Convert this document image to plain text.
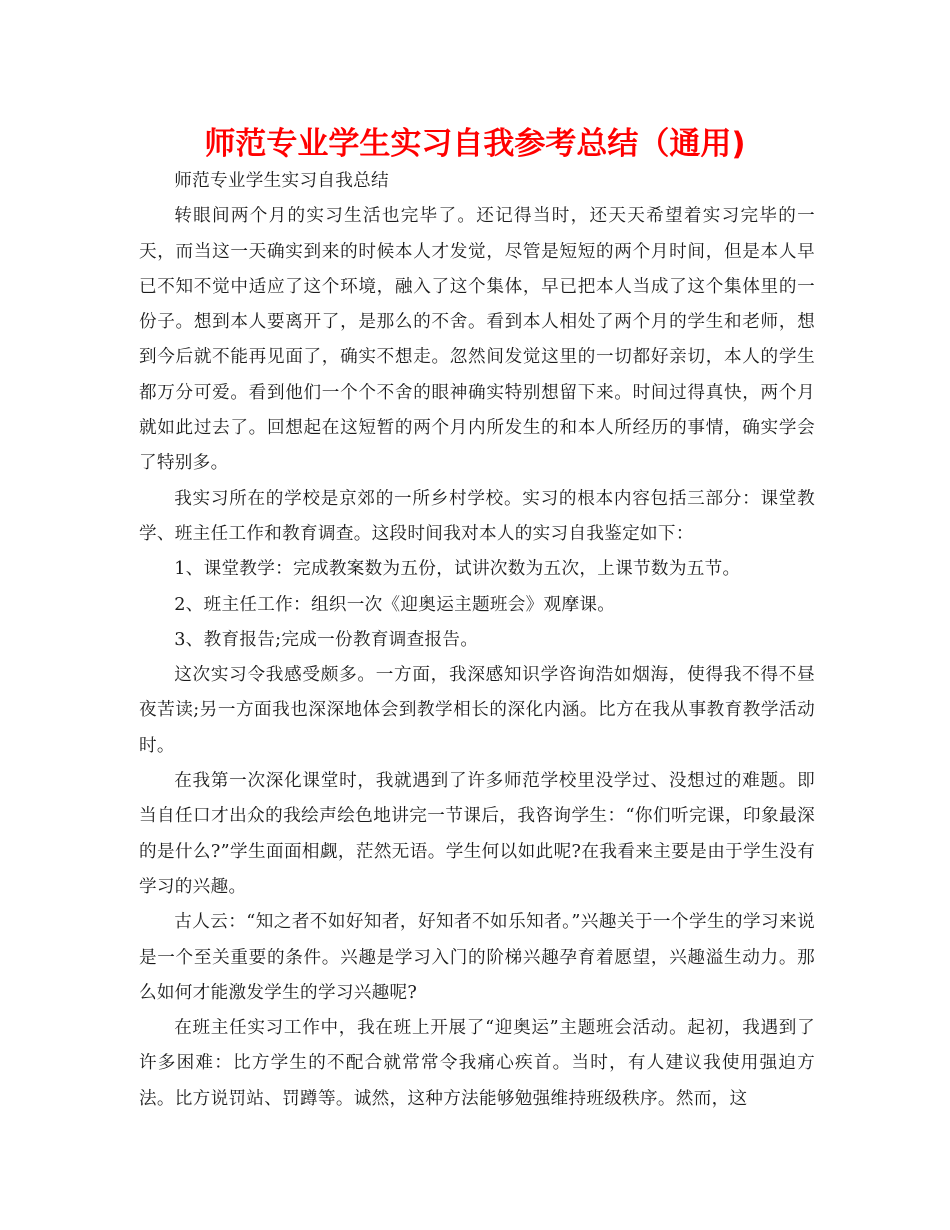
师范专业学生实习自我参考总结（通用)

师范专业学生实习自我总结

转眼间两个月的实习生活也完毕了。还记得当时，还天天希望着实习完毕的一天，而当这一天确实到来的时候本人才发觉，尽管是短短的两个月时间，但是本人早已不知不觉中适应了这个环境，融入了这个集体，早已把本人当成了这个集体里的一份子。想到本人要离开了，是那么的不舍。看到本人相处了两个月的学生和老师，想到今后就不能再见面了，确实不想走。忽然间发觉这里的一切都好亲切，本人的学生都万分可爱。看到他们一个个不舍的眼神确实特别想留下来。时间过得真快，两个月就如此过去了。回想起在这短暂的两个月内所发生的和本人所经历的事情，确实学会了特别多。

我实习所在的学校是京郊的一所乡村学校。实习的根本内容包括三部分：课堂教学、班主任工作和教育调查。这段时间我对本人的实习自我鉴定如下：

1、课堂教学：完成教案数为五份，试讲次数为五次，上课节数为五节。

2、班主任工作：组织一次《迎奥运主题班会》观摩课。

3、教育报告;完成一份教育调查报告。

这次实习令我感受颇多。一方面，我深感知识学咨询浩如烟海，使得我不得不昼夜苦读;另一方面我也深深地体会到教学相长的深化内涵。比方在我从事教育教学活动时。

在我第一次深化课堂时，我就遇到了许多师范学校里没学过、没想过的难题。即当自任口才出众的我绘声绘色地讲完一节课后，我咨询学生：“你们听完课，印象最深的是什么?”学生面面相觑，茫然无语。学生何以如此呢?在我看来主要是由于学生没有学习的兴趣。

古人云：“知之者不如好知者，好知者不如乐知者。”兴趣关于一个学生的学习来说是一个至关重要的条件。兴趣是学习入门的阶梯兴趣孕育着愿望，兴趣溢生动力。那么如何才能激发学生的学习兴趣呢?

在班主任实习工作中，我在班上开展了“迎奥运”主题班会活动。起初，我遇到了许多困难：比方学生的不配合就常常令我痛心疾首。当时，有人建议我使用强迫方法。比方说罚站、罚蹲等。诚然，这种方法能够勉强维持班级秩序。然而，这
